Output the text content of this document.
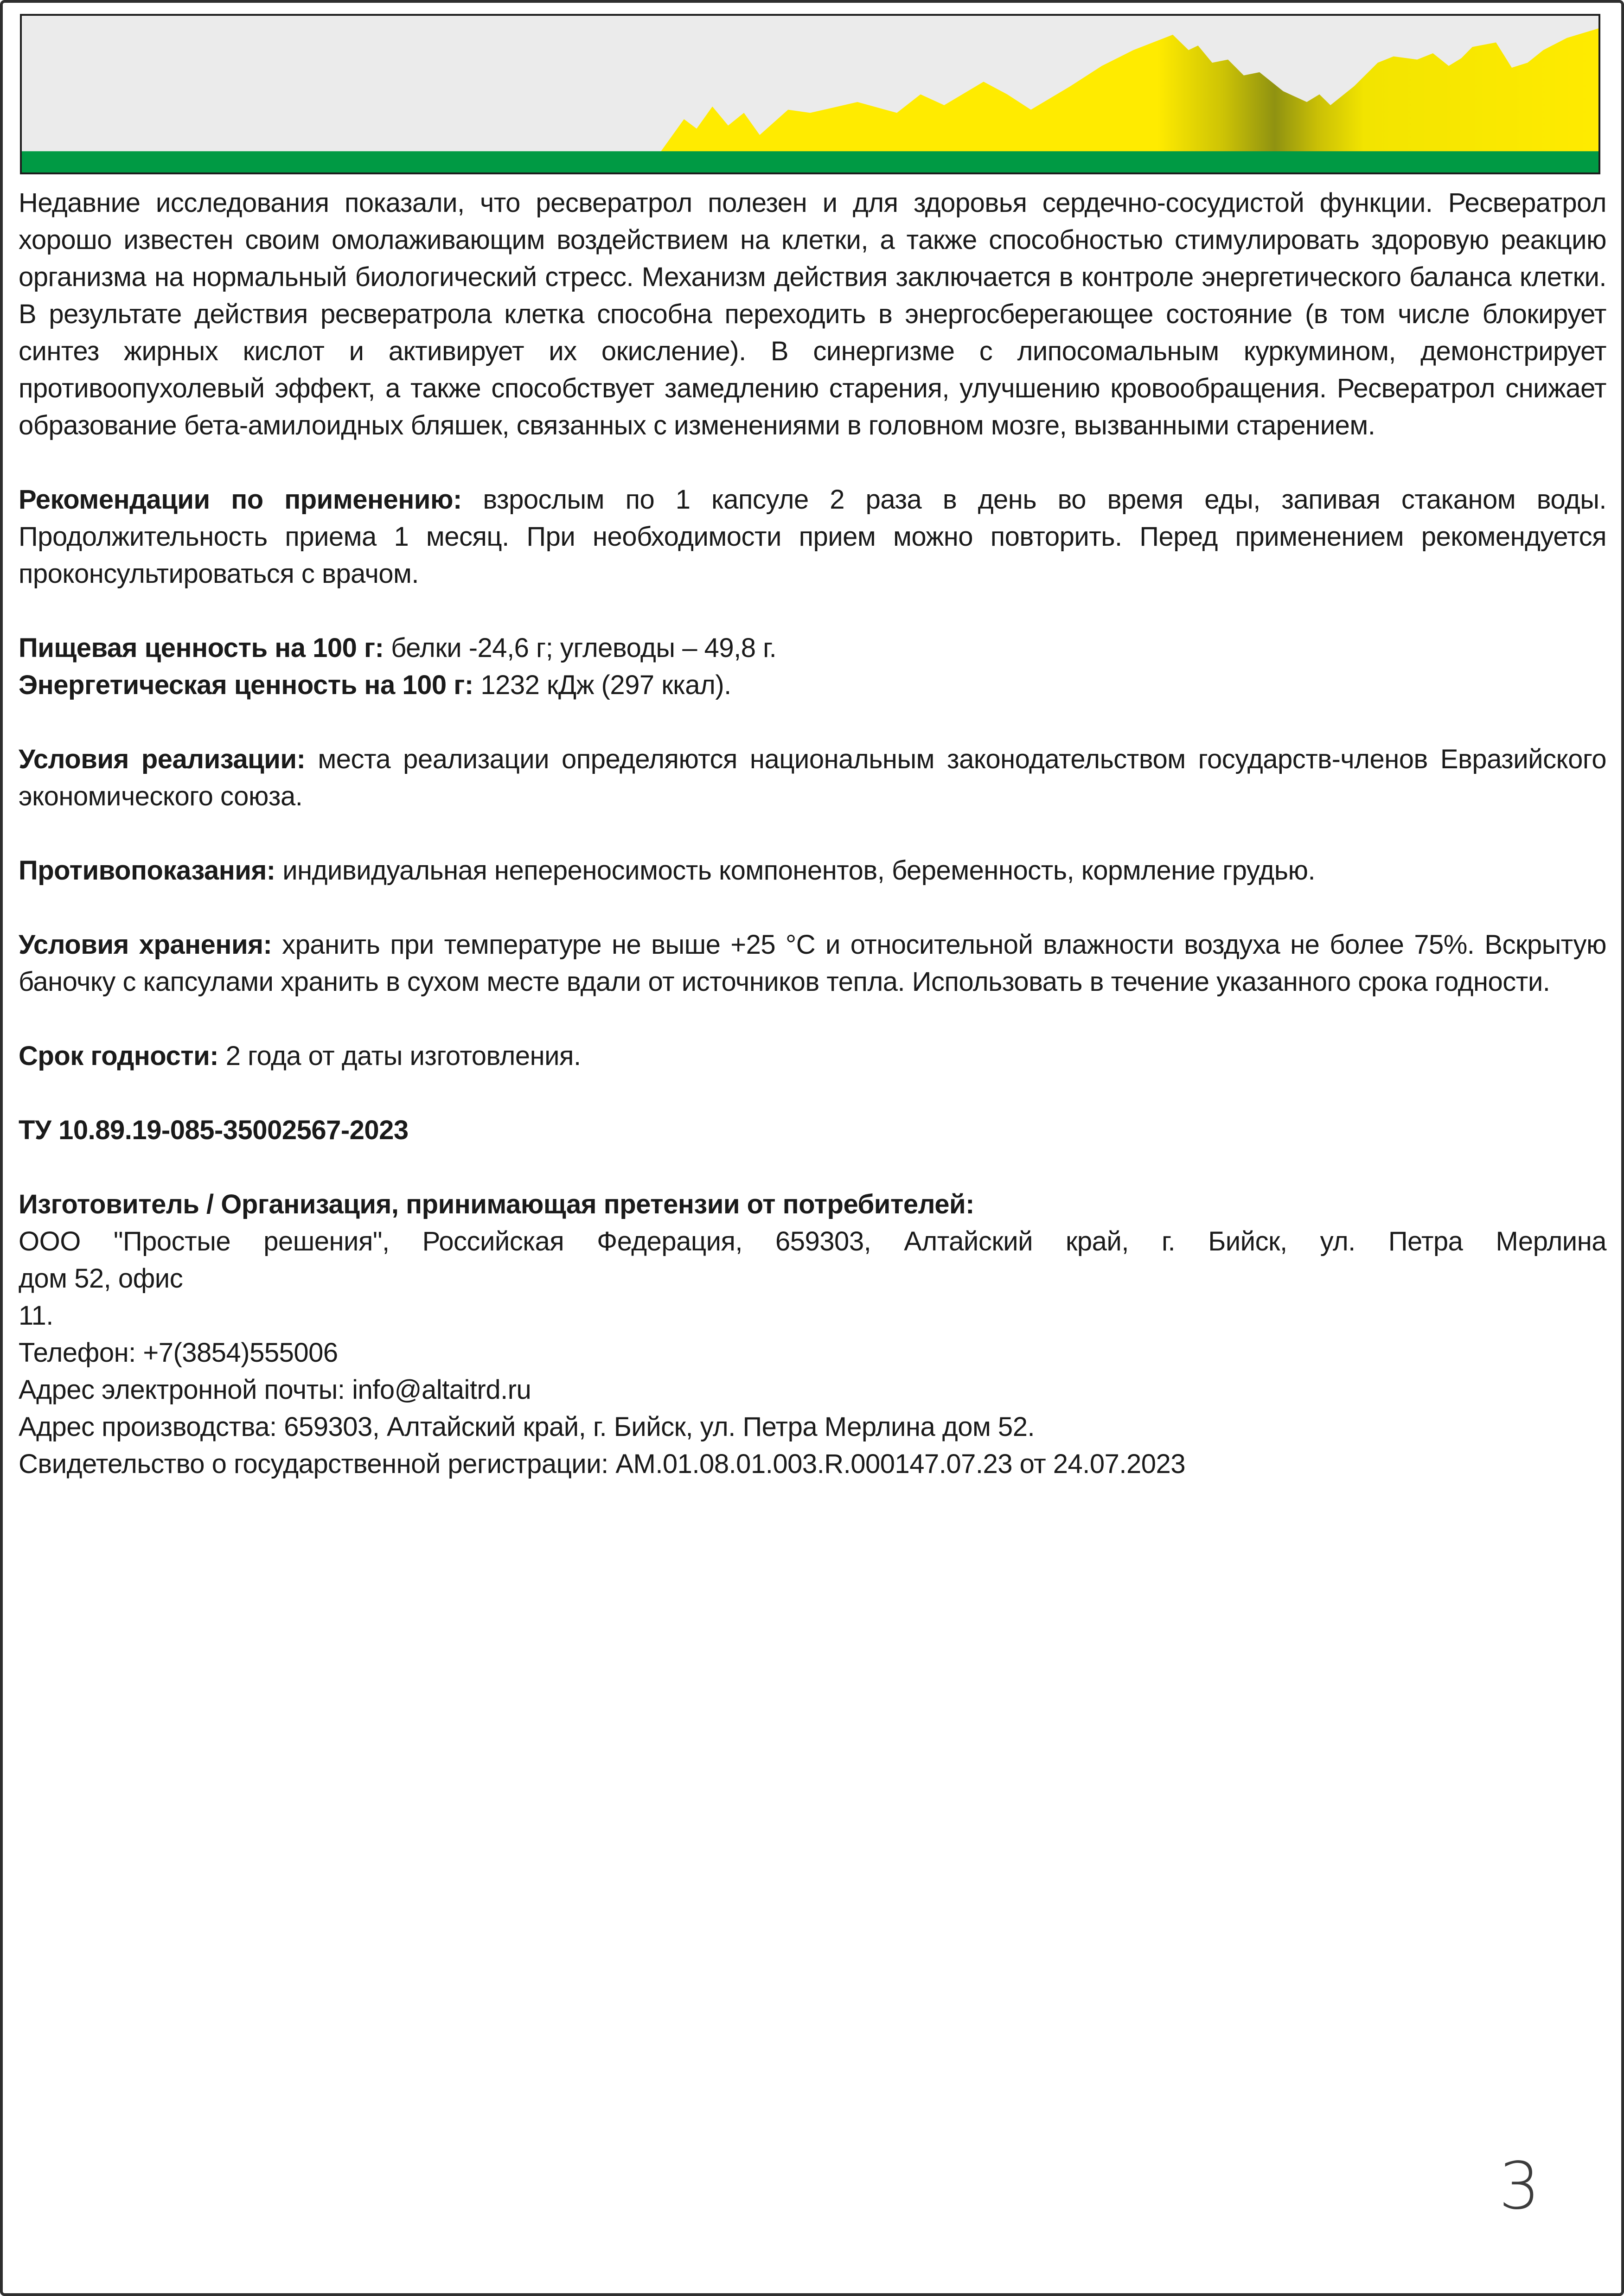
Недавние исследования показали, что ресвератрол полезен и для здоровья сердечно-сосудистой функции. Ресвератрол хорошо известен своим омолаживающим воздействием на клетки, а также способностью стимулировать здоровую реакцию организма на нормальный биологический стресс. Механизм действия заключается в контроле энергетического баланса клетки. В результате действия ресвератрола клетка способна переходить в энергосберегающее состояние (в том числе блокирует синтез жирных кислот и активирует их окисление). В синергизме с липосомальным куркумином, демонстрирует противоопухолевый эффект, а также способствует замедлению старения, улучшению кровообращения. Ресвератрол снижает образование бета-амилоидных бляшек, связанных с изменениями в головном мозге, вызванными старением.

Рекомендации по применению: взрослым по 1 капсуле 2 раза в день во время еды, запивая стаканом воды. Продолжительность приема 1 месяц. При необходимости прием можно повторить. Перед применением рекомендуется проконсультироваться с врачом.

Пищевая ценность на 100 г: белки -24,6 г; углеводы – 49,8 г.

Энергетическая ценность на 100 г: 1232 кДж (297 ккал).

Условия реализации: места реализации определяются национальным законодательством государств-членов Евразийского экономического союза.

Противопоказания: индивидуальная непереносимость компонентов, беременность, кормление грудью.

Условия хранения: хранить при температуре не выше +25 °С и относительной влажности воздуха не более 75%. Вскрытую баночку с капсулами хранить в сухом месте вдали от источников тепла. Использовать в течение указанного срока годности.

Срок годности: 2 года от даты изготовления.

ТУ 10.89.19-085-35002567-2023

Изготовитель / Организация, принимающая претензии от потребителей:
ООО "Простые решения", Российская Федерация, 659303, Алтайский край, г. Бийск, ул. Петра Мерлина
дом 52, офис
11.
Телефон: +7(3854)555006
Адрес электронной почты: info@altaitrd.ru
Адрес производства: 659303, Алтайский край, г. Бийск, ул. Петра Мерлина дом 52.
Свидетельство о государственной регистрации: АМ.01.08.01.003.R.000147.07.23 от 24.07.2023
3
